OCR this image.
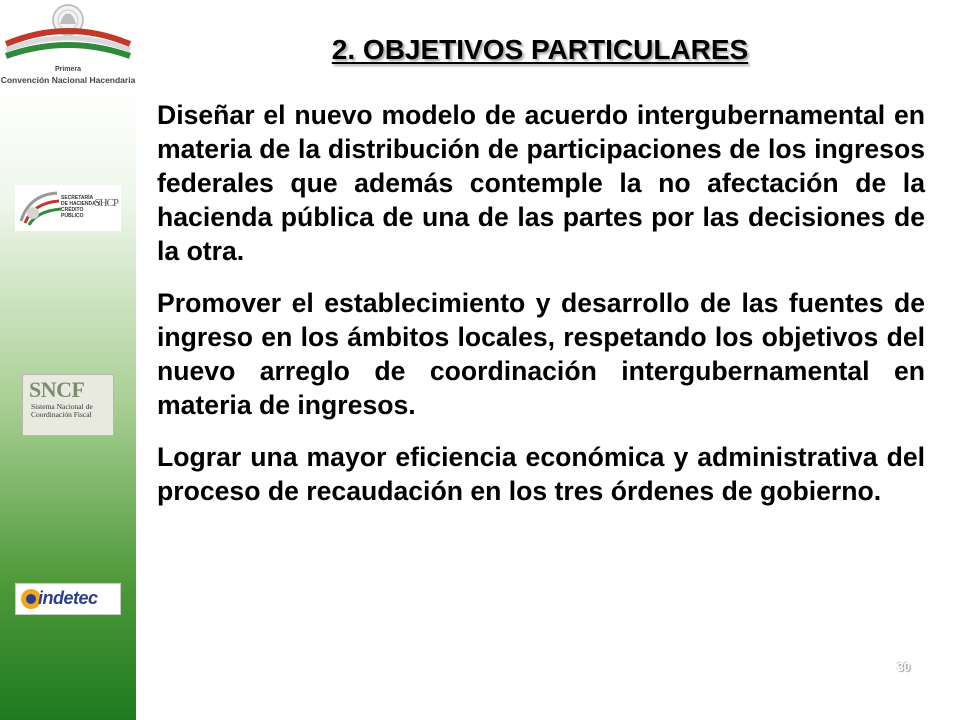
Primera
Convención Nacional Hacendaria
SECRETARÍA DE HACIENDA Y CRÉDITO PÚBLICO
SHCP
SNCF
Sistema Nacional de
Coordinación Fiscal
indetec
2. OBJETIVOS PARTICULARES

Diseñar el nuevo modelo de acuerdo intergubernamental en materia de la distribución de participaciones de los ingresos federales que además contemple la no afectación de la hacienda pública de una de las partes por las decisiones de la otra.

Promover el establecimiento y desarrollo de las fuentes de ingreso en los ámbitos locales, respetando los objetivos del nuevo arreglo de coordinación intergubernamental en materia de ingresos.

Lograr una mayor eficiencia económica y administrativa del proceso de recaudación en los tres órdenes de gobierno.

30
